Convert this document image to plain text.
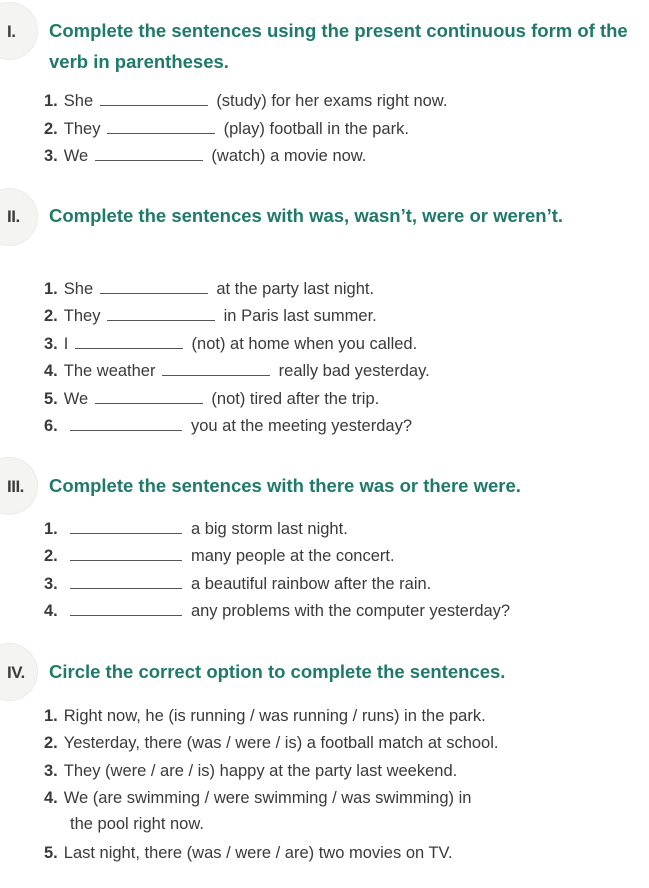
I. Complete the sentences using the present continuous form of the verb in parentheses.
1. She	(study) for her exams right now.
2. They	(play) football in the park.
3. We	(watch) a movie now.
II. Complete the sentences with was, wasn’t, were or weren’t.
1. She	at the party last night.
2. They	in Paris last summer.
3. I	(not) at home when you called.
4. The weather	really bad yesterday.
5. We	(not) tired after the trip.
6.	you at the meeting yesterday?
III. Complete the sentences with there was or there were.
1.	a big storm last night.
2.	many people at the concert.
3.	a beautiful rainbow after the rain.
4.	any problems with the computer yesterday?
IV. Circle the correct option to complete the sentences.
1. Right now, he (is running / was running / runs) in the park.
2. Yesterday, there (was / were / is) a football match at school.
3. They (were / are / is) happy at the party last weekend.
4. We (are swimming / were swimming / was swimming) in
the pool right now.
5. Last night, there (was / were / are) two movies on TV.
